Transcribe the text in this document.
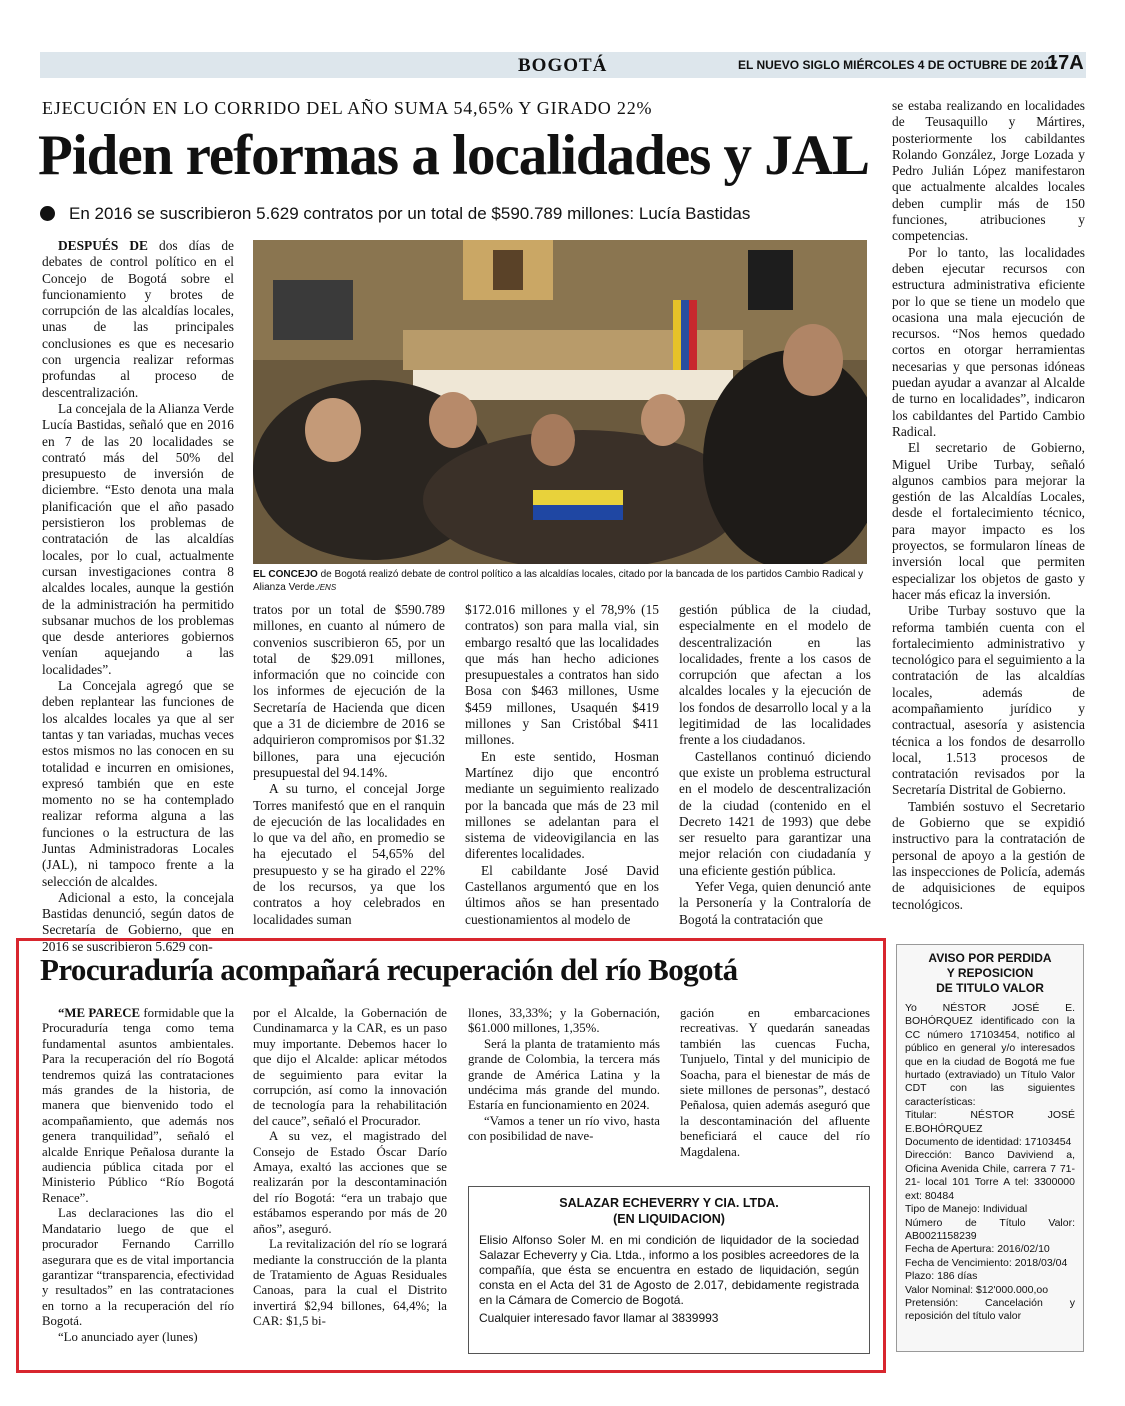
BOGOTÁ	EL NUEVO SIGLO MIÉRCOLES 4 DE OCTUBRE DE 2017
17A
EJECUCIÓN EN LO CORRIDO DEL AÑO SUMA 54,65% Y GIRADO 22%
Piden reformas a localidades y JAL
En 2016 se suscribieron 5.629 contratos por un total de $590.789 millones: Lucía Bastidas

DESPUÉS DE dos días de debates de control político en el Concejo de Bogotá sobre el funcionamiento y brotes de corrupción de las alcaldías locales, unas de las principales conclusiones es que es necesario con urgencia realizar reformas profundas al proceso de descentralización.

La concejala de la Alianza Verde Lucía Bastidas, señaló que en 2016 en 7 de las 20 localidades se contrató más del 50% del presupuesto de inversión de diciembre. “Esto denota una mala planificación que el año pasado persistieron los problemas de contratación de las alcaldías locales, por lo cual, actualmente cursan investigaciones contra 8 alcaldes locales, aunque la gestión de la administración ha permitido subsanar muchos de los problemas que desde anteriores gobiernos venían aquejando a las localidades”.

La Concejala agregó que se deben replantear las funciones de los alcaldes locales ya que al ser tantas y tan variadas, muchas veces estos mismos no las conocen en su totalidad e incurren en omisiones, expresó también que en este momento no se ha contemplado realizar reforma alguna a las funciones o la estructura de las Juntas Administradoras Locales (JAL), ni tampoco frente a la selección de alcaldes.

Adicional a esto, la concejala Bastidas denunció, según datos de Secretaría de Gobierno, que en 2016 se suscribieron 5.629 con-

EL CONCEJO de Bogotá realizó debate de control político a las alcaldías locales, citado por la bancada de los partidos Cambio Radical y Alianza Verde./ENS

tratos por un total de $590.789 millones, en cuanto al número de convenios suscribieron 65, por un total de $29.091 millones, información que no coincide con los informes de ejecución de la Secretaría de Hacienda que dicen que a 31 de diciembre de 2016 se adquirieron compromisos por $1.32 billones, para una ejecución presupuestal del 94.14%.

A su turno, el concejal Jorge Torres manifestó que en el ranquin de ejecución de las localidades en lo que va del año, en promedio se ha ejecutado el 54,65% del presupuesto y se ha girado el 22% de los recursos, ya que los contratos a hoy celebrados en localidades suman

$172.016 millones y el 78,9% (15 contratos) son para malla vial, sin embargo resaltó que las localidades que más han hecho adiciones presupuestales a contratos han sido Bosa con $463 millones, Usme $459 millones, Usaquén $419 millones y San Cristóbal $411 millones.

En este sentido, Hosman Martínez dijo que encontró mediante un seguimiento realizado por la bancada que más de 23 mil millones se adelantan para el sistema de videovigilancia en las diferentes localidades.

El cabildante José David Castellanos argumentó que en los últimos años se han presentado cuestionamientos al modelo de

gestión pública de la ciudad, especialmente en el modelo de descentralización en las localidades, frente a los casos de corrupción que afectan a los alcaldes locales y la ejecución de los fondos de desarrollo local y a la legitimidad de las localidades frente a los ciudadanos.

Castellanos continuó diciendo que existe un problema estructural en el modelo de descentralización de la ciudad (contenido en el Decreto 1421 de 1993) que debe ser resuelto para garantizar una mejor relación con ciudadanía y una eficiente gestión pública.

Yefer Vega, quien denunció ante la Personería y la Contraloría de Bogotá la contratación que

se estaba realizando en localidades de Teusaquillo y Mártires, posteriormente los cabildantes Rolando González, Jorge Lozada y Pedro Julián López manifestaron que actualmente alcaldes locales deben cumplir más de 150 funciones, atribuciones y competencias.

Por lo tanto, las localidades deben ejecutar recursos con estructura administrativa eficiente por lo que se tiene un modelo que ocasiona una mala ejecución de recursos. “Nos hemos quedado cortos en otorgar herramientas necesarias y que personas idóneas puedan ayudar a avanzar al Alcalde de turno en localidades”, indicaron los cabildantes del Partido Cambio Radical.

El secretario de Gobierno, Miguel Uribe Turbay, señaló algunos cambios para mejorar la gestión de las Alcaldías Locales, desde el fortalecimiento técnico, para mayor impacto es los proyectos, se formularon líneas de inversión local que permiten especializar los objetos de gasto y hacer más eficaz la inversión.

Uribe Turbay sostuvo que la reforma también cuenta con el fortalecimiento administrativo y tecnológico para el seguimiento a la contratación de las alcaldías locales, además de acompañamiento jurídico y contractual, asesoría y asistencia técnica a los fondos de desarrollo local, 1.513 procesos de contratación revisados por la Secretaría Distrital de Gobierno.

También sostuvo el Secretario de Gobierno que se expidió instructivo para la contratación de personal de apoyo a la gestión de las inspecciones de Policía, además de adquisiciones de equipos tecnológicos.

Procuraduría acompañará recuperación del río Bogotá

“ME PARECE formidable que la Procuraduría tenga como tema fundamental asuntos ambientales. Para la recuperación del río Bogotá tendremos quizá las contrataciones más grandes de la historia, de manera que bienvenido todo el acompañamiento, que además nos genera tranquilidad”, señaló el alcalde Enrique Peñalosa durante la audiencia pública citada por el Ministerio Público “Río Bogotá Renace”.

Las declaraciones las dio el Mandatario luego de que el procurador Fernando Carrillo asegurara que es de vital importancia garantizar “transparencia, efectividad y resultados” en las contrataciones en torno a la recuperación del río Bogotá.

“Lo anunciado ayer (lunes)

por el Alcalde, la Gobernación de Cundinamarca y la CAR, es un paso muy importante. Debemos hacer lo que dijo el Alcalde: aplicar métodos de seguimiento para evitar la corrupción, así como la innovación de tecnología para la rehabilitación del cauce”, señaló el Procurador.

A su vez, el magistrado del Consejo de Estado Óscar Darío Amaya, exaltó las acciones que se realizarán por la descontaminación del río Bogotá: “era un trabajo que estábamos esperando por más de 20 años”, aseguró.

La revitalización del río se logrará mediante la construcción de la planta de Tratamiento de Aguas Residuales Canoas, para la cual el Distrito invertirá $2,94 billones, 64,4%; la CAR: $1,5 bi-

llones, 33,33%; y la Gobernación, $61.000 millones, 1,35%.

Será la planta de tratamiento más grande de Colombia, la tercera más grande de América Latina y la undécima más grande del mundo. Estaría en funcionamiento en 2024.

“Vamos a tener un río vivo, hasta con posibilidad de nave-

gación en embarcaciones recreativas. Y quedarán saneadas también las cuencas Fucha, Tunjuelo, Tintal y del municipio de Soacha, para el bienestar de más de siete millones de personas”, destacó Peñalosa, quien además aseguró que la descontaminación del afluente beneficiará el cauce del río Magdalena.

SALAZAR ECHEVERRY Y CIA. LTDA.
(EN LIQUIDACION)
Elisio Alfonso Soler M. en mi condición de liquidador de la sociedad Salazar Echeverry y Cia. Ltda., informo a los posibles acreedores de la compañía, que ésta se encuentra en estado de liquidación, según consta en el Acta del 31 de Agosto de 2.017, debidamente registrada en la Cámara de Comercio de Bogotá.
Cualquier interesado favor llamar al 3839993
AVISO POR PERDIDA
Y REPOSICION
DE TITULO VALOR
Yo NÉSTOR JOSÉ E. BOHÓRQUEZ identificado con la CC número 17103454, notifico al público en general y/o interesados que en la ciudad de Bogotá me fue hurtado (extraviado) un Título Valor CDT con las siguientes características:
Titular: NÉSTOR JOSÉ E.BOHÓRQUEZ
Documento de identidad: 17103454
Dirección: Banco Daviviend a, Oficina Avenida Chile, carrera 7 71-21- local 101 Torre A tel: 3300000 ext: 80484
Tipo de Manejo: Individual
Número de Título Valor: AB0021158239
Fecha de Apertura: 2016/02/10
Fecha de Vencimiento: 2018/03/04
Plazo: 186 días
Valor Nominal: $12'000.000,oo
Pretensión: Cancelación y reposición del título valor
